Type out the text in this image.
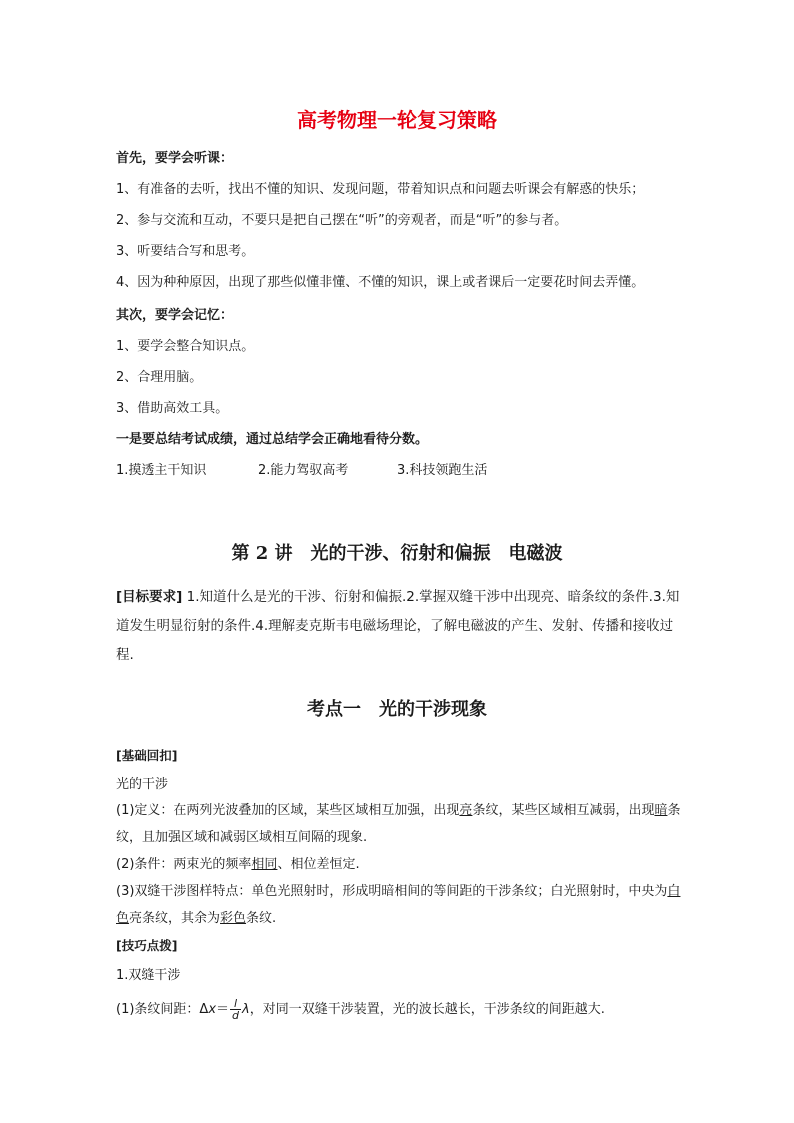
高考物理一轮复习策略
首先，要学会听课：
1、有准备的去听，找出不懂的知识、发现问题，带着知识点和问题去听课会有解惑的快乐；
2、参与交流和互动，不要只是把自己摆在“听”的旁观者，而是“听”的参与者。
3、听要结合写和思考。
4、因为种种原因，出现了那些似懂非懂、不懂的知识，课上或者课后一定要花时间去弄懂。
其次，要学会记忆：
1、要学会整合知识点。
2、合理用脑。
3、借助高效工具。
一是要总结考试成绩，通过总结学会正确地看待分数。
1.摸透主干知识	2.能力驾驭高考	3.科技领跑生活
第 2 讲　光的干涉、衍射和偏振　电磁波
[目标要求] 1.知道什么是光的干涉、衍射和偏振.2.掌握双缝干涉中出现亮、暗条纹的条件.3.知道发生明显衍射的条件.4.理解麦克斯韦电磁场理论，了解电磁波的产生、发射、传播和接收过程.
考点一　光的干涉现象
[基础回扣]
光的干涉
(1)定义：在两列光波叠加的区域，某些区域相互加强，出现亮条纹，某些区域相互减弱，出现暗条纹，且加强区域和减弱区域相互间隔的现象.
(2)条件：两束光的频率相同、相位差恒定.
(3)双缝干涉图样特点：单色光照射时，形成明暗相间的等间距的干涉条纹；白光照射时，中央为白色亮条纹，其余为彩色条纹.
[技巧点拨]
1.双缝干涉
(1)条纹间距：$\Delta x= \frac{l}{d}$ λ，对同一双缝干涉装置，光的波长越长，干涉条纹的间距越大.
